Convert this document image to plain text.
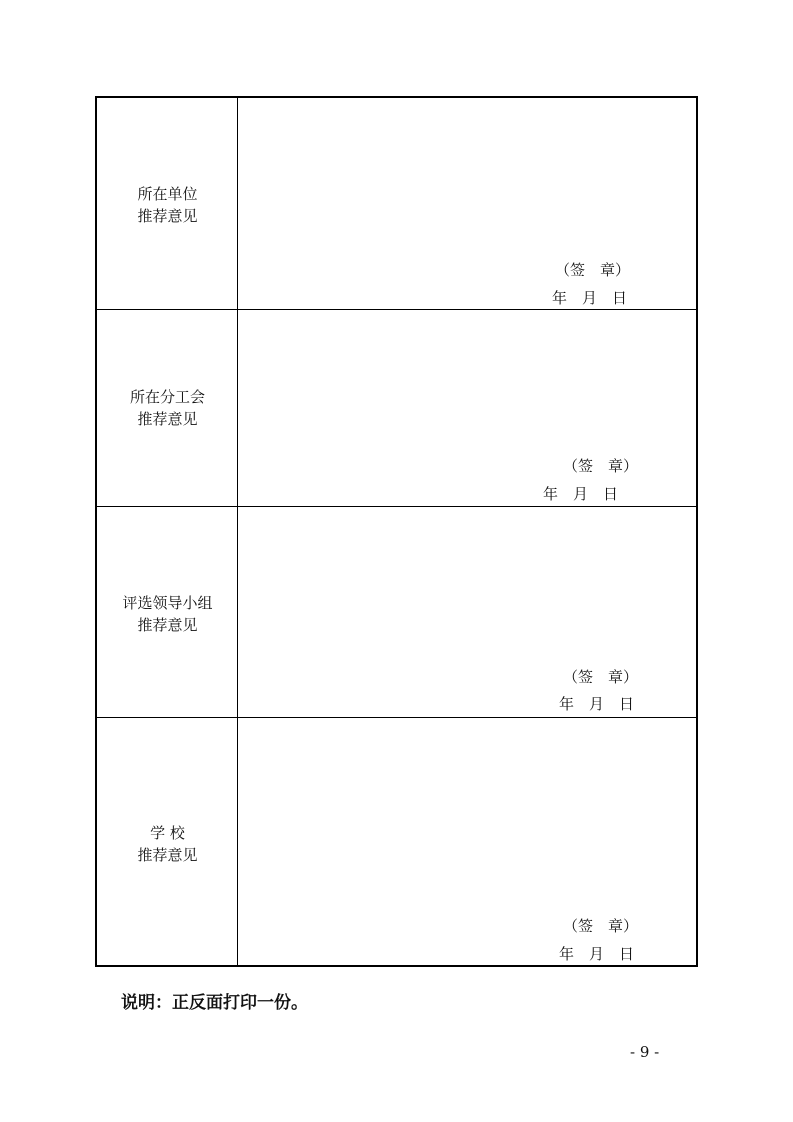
所在单位
推荐意见
（签　章）
年　月　日
所在分工会
推荐意见
（签　章）
年　月　日
评选领导小组
推荐意见
（签　章）
年　月　日
学 校
推荐意见
（签　章）
年　月　日
说明：正反面打印一份。
- 9 -
